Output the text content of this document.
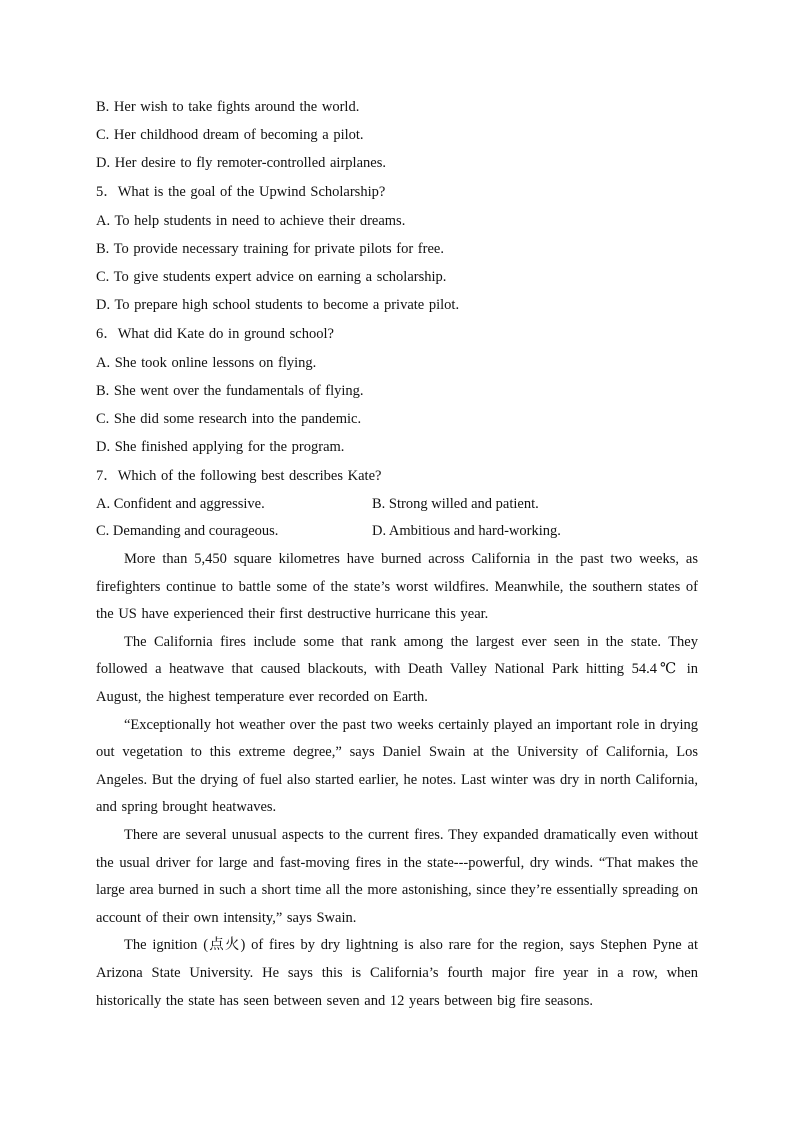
B. Her wish to take fights around the world.
C. Her childhood dream of becoming a pilot.
D. Her desire to fly remoter-controlled airplanes.
5．What is the goal of the Upwind Scholarship?
A. To help students in need to achieve their dreams.
B. To provide necessary training for private pilots for free.
C. To give students expert advice on earning a scholarship.
D. To prepare high school students to become a private pilot.
6．What did Kate do in ground school?
A. She took online lessons on flying.
B. She went over the fundamentals of flying.
C. She did some research into the pandemic.
D. She finished applying for the program.
7．Which of the following best describes Kate?
A. Confident and aggressive.	B. Strong willed and patient.
C. Demanding and courageous.	D. Ambitious and hard-working.

More than 5,450 square kilometres have burned across California in the past two weeks, as firefighters continue to battle some of the state’s worst wildfires. Meanwhile, the southern states of the US have experienced their first destructive hurricane this year.

The California fires include some that rank among the largest ever seen in the state. They followed a heatwave that caused blackouts, with Death Valley National Park hitting 54.4℃ in August, the highest temperature ever recorded on Earth.

“Exceptionally hot weather over the past two weeks certainly played an important role in drying out vegetation to this extreme degree,” says Daniel Swain at the University of California, Los Angeles. But the drying of fuel also started earlier, he notes. Last winter was dry in north California, and spring brought heatwaves.

There are several unusual aspects to the current fires. They expanded dramatically even without the usual driver for large and fast-moving fires in the state---powerful, dry winds. “That makes the large area burned in such a short time all the more astonishing, since they’re essentially spreading on account of their own intensity,” says Swain.

The ignition (点火) of fires by dry lightning is also rare for the region, says Stephen Pyne at Arizona State University. He says this is California’s fourth major fire year in a row, when historically the state has seen between seven and 12 years between big fire seasons.
